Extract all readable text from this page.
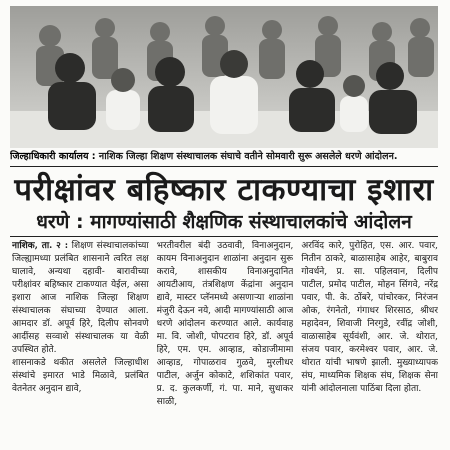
जिल्हाधिकारी कार्यालय : नाशिक जिल्हा शिक्षण संस्थाचालक संघाचे वतीने सोमवारी सुरू असलेले धरणे आंदोलन.
परीक्षांवर बहिष्कार टाकण्याचा इशारा
धरणे : मागण्यांसाठी शैक्षणिक संस्थाचालकांचे आंदोलन
नाशिक, ता. २ : शिक्षण संस्थाचालकांच्या जिल्ह्यामध्या प्रलंबित शासनाने त्वरित लक्ष घालावे, अन्यथा दहावी- बारावीच्या परीक्षांवर बहिष्कार टाकण्यात येईल, असा इशारा आज नाशिक जिल्हा शिक्षण संस्थाचालक संघाच्या देण्यात आला. आमदार डॉ. अपूर्व हिरे, दिलीप सोनवणे आदींसह सव्वाशे संस्थाचालक या वेळी उपस्थित होते.
शासनाकडे थकीत असलेले जिल्हाधीश संस्थांचे इमारत भाडे मिळावे, प्रलंबित वेतनेतर अनुदान द्यावे,
भरतीवरील बंदी उठवावी, विनाअनुदान, कायम विनाअनुदान शाळांना अनुदान सुरू करावे, शासकीय विनाअनुदानित आयटीआय, तंत्रशिक्षण केंद्रांना अनुदान द्यावे, मास्टर प्लॅनमध्ये असणाऱ्या शाळांना मंजुरी देऊन नये, आदी मागण्यांसाठी आज धरणे आंदोलन करण्यात आले. कार्यवाह मा. वि. जोशी, पोपटराव हिरे, डॉ. अपूर्व हिरे, एम. एम. आव्हाड, कोडाजीमामा आव्हाड, गोपाळराव गुळवे, मुरलीधर पाटील, अर्जुन कोकाटे, शशिकांत पवार, प्र. द. कुलकर्णी, गं. पा. माने, सुधाकर साळी,
अरविंद कारे, पुरोहित, एस. आर. पवार, नितीन ठाकरे, बाळासाहेब आहेर, बाबुराव गोवर्धने, प्र. सा. पहिलवान, दिलीप पाटील, प्रमोद पाटील, मोहन सिंगवे, नरेंद्र पवार, पी. के. ठोंबरे, पांचोरकर, निरंजन ओक, रंगनेतो, गंगाधर शिरसाठ, श्रीधर महादेवन, शिवाजी निरगुडे, रवींद्र जोशी, वाळासाहेब सूर्यवंशी, आर. जे. थोरात, संजय पवार, करमेश्वर पवार, आर. जे. थोरात यांची भाषणे झाली. मुख्याध्यापक संघ, माध्यमिक शिक्षक संघ, शिक्षक सेना यांनी आंदोलनाला पाठिंबा दिला होता.
